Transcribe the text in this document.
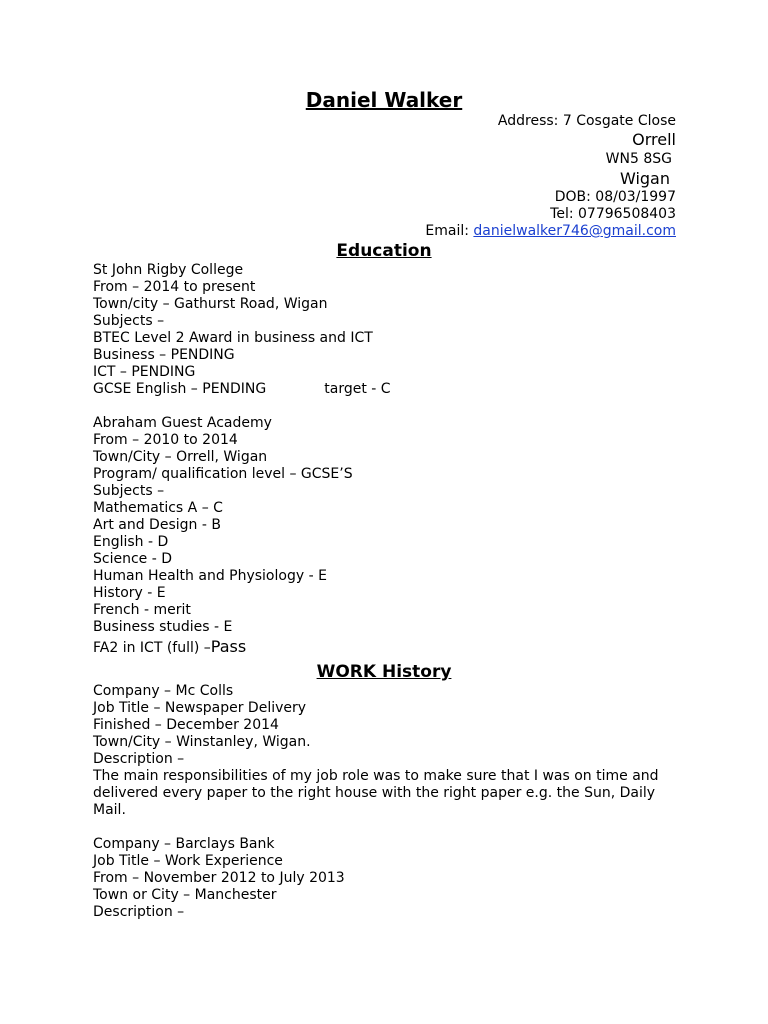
Daniel Walker
Address: 7 Cosgate Close
Orrell
WN5 8SG
Wigan
DOB: 08/03/1997
Tel: 07796508403
Email: danielwalker746@gmail.com
Education
St John Rigby College
From – 2014 to present
Town/city – Gathurst Road, Wigan
Subjects –
BTEC Level 2 Award in business and ICT
Business – PENDING
ICT – PENDING
GCSE English – PENDING	target - C
Abraham Guest Academy
From – 2010 to 2014
Town/City – Orrell, Wigan
Program/ qualification level – GCSE’S
Subjects –
Mathematics A – C
Art and Design - B
English - D
Science - D
Human Health and Physiology - E
History - E
French - merit
Business studies - E
FA2 in ICT (full) –Pass
WORK History
Company – Mc Colls
Job Title – Newspaper Delivery
Finished – December 2014
Town/City – Winstanley, Wigan.
Description –
The main responsibilities of my job role was to make sure that I was on time and delivered every paper to the right house with the right paper e.g. the Sun, Daily Mail.
Company – Barclays Bank
Job Title – Work Experience
From – November 2012 to July 2013
Town or City – Manchester
Description –
